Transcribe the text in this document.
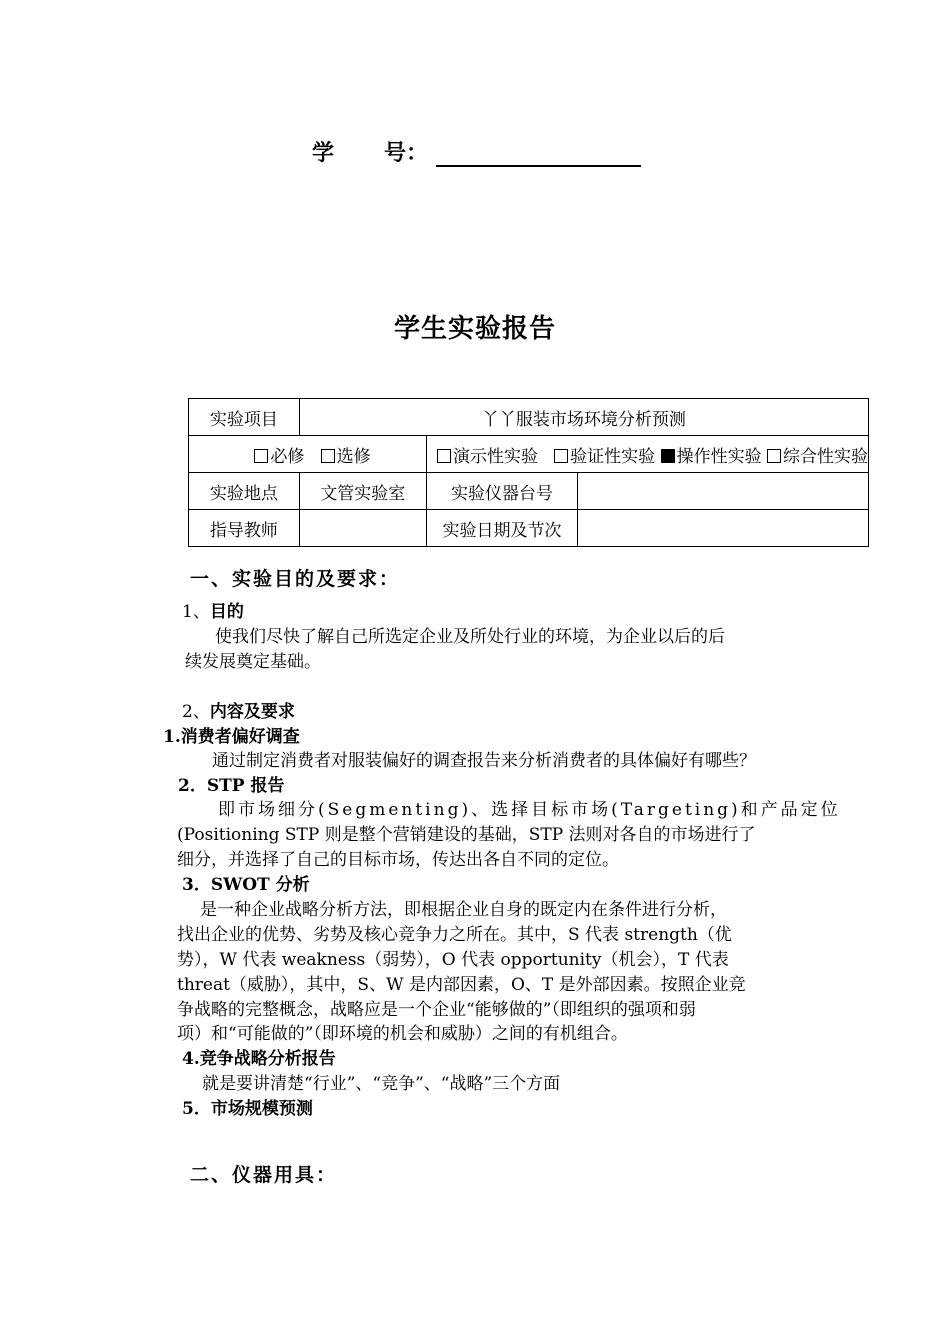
学 号：
学生实验报告
实验项目	丫丫服装市场环境分析预测		
必修 选修		演示性实验 验证性实验 操作性实验 综合性实验	
实验地点	文管实验室	实验仪器台号	
指导教师		实验日期及节次	
一、实验目的及要求：
1、目的
使我们尽快了解自己所选定企业及所处行业的环境，为企业以后的后
续发展奠定基础。
2、内容及要求
1.消费者偏好调查
通过制定消费者对服装偏好的调查报告来分析消费者的具体偏好有哪些？
2．STP 报告
即市场细分(Segmenting)、选择目标市场(Targeting)和产品定位
(Positioning STP 则是整个营销建设的基础，STP 法则对各自的市场进行了
细分，并选择了自己的目标市场，传达出各自不同的定位。
3．SWOT 分析
是一种企业战略分析方法，即根据企业自身的既定内在条件进行分析，
找出企业的优势、劣势及核心竞争力之所在。其中，S 代表 strength（优
势），W 代表 weakness（弱势），O 代表 opportunity（机会），T 代表
threat（威胁），其中，S、W 是内部因素，O、T 是外部因素。按照企业竞
争战略的完整概念，战略应是一个企业“能够做的”（即组织的强项和弱
项）和“可能做的”（即环境的机会和威胁）之间的有机组合。
4.竞争战略分析报告
就是要讲清楚“行业”、“竞争”、“战略”三个方面
5．市场规模预测
二、仪器用具：
